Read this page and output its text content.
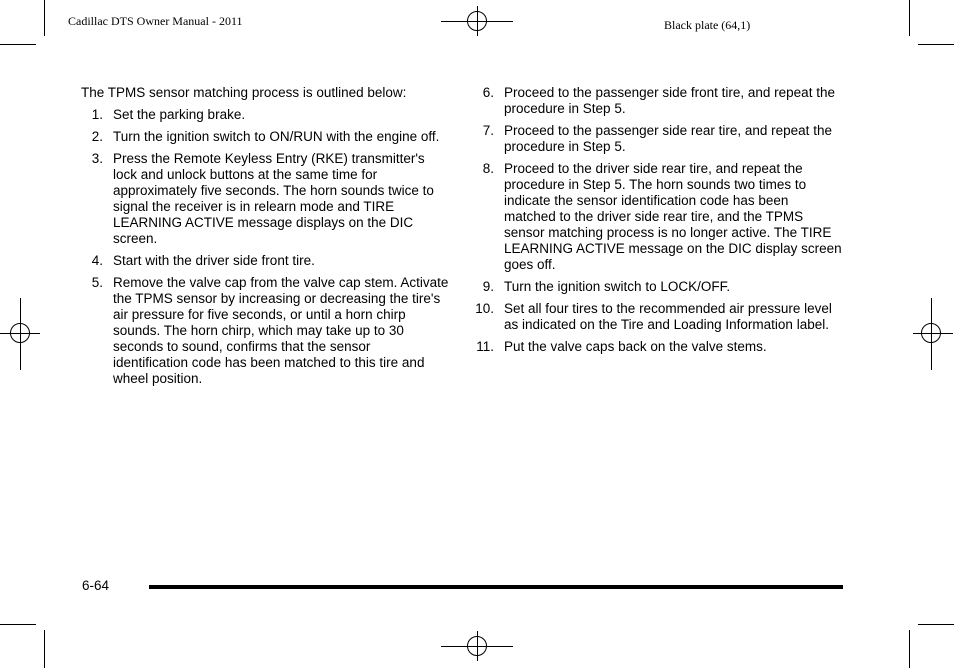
Cadillac DTS Owner Manual - 2011	Black plate (64,1)

The TPMS sensor matching process is outlined below:

1. Set the parking brake.
2. Turn the ignition switch to ON/RUN with the engine off.
3. Press the Remote Keyless Entry (RKE) transmitter's lock and unlock buttons at the same time for approximately five seconds. The horn sounds twice to signal the receiver is in relearn mode and TIRE LEARNING ACTIVE message displays on the DIC screen.
4. Start with the driver side front tire.
5. Remove the valve cap from the valve cap stem. Activate the TPMS sensor by increasing or decreasing the tire's air pressure for five seconds, or until a horn chirp sounds. The horn chirp, which may take up to 30 seconds to sound, confirms that the sensor identification code has been matched to this tire and wheel position.
6. Proceed to the passenger side front tire, and repeat the procedure in Step 5.
7. Proceed to the passenger side rear tire, and repeat the procedure in Step 5.
8. Proceed to the driver side rear tire, and repeat the procedure in Step 5. The horn sounds two times to indicate the sensor identification code has been matched to the driver side rear tire, and the TPMS sensor matching process is no longer active. The TIRE LEARNING ACTIVE message on the DIC display screen goes off.
9. Turn the ignition switch to LOCK/OFF.
10. Set all four tires to the recommended air pressure level as indicated on the Tire and Loading Information label.
11. Put the valve caps back on the valve stems.
6-64
